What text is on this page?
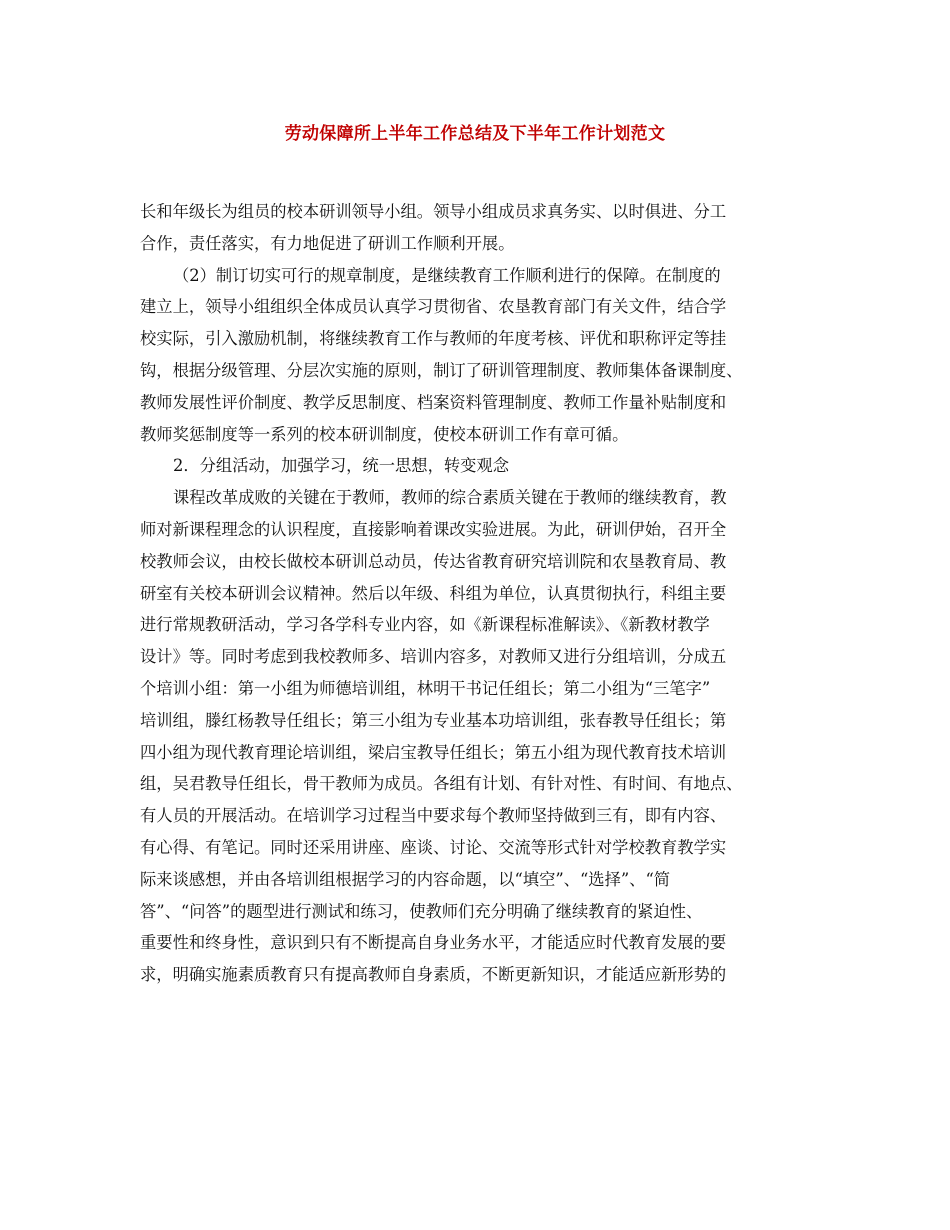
劳动保障所上半年工作总结及下半年工作计划范文
长和年级长为组员的校本研训领导小组。领导小组成员求真务实、以时俱进、分工
合作，责任落实，有力地促进了研训工作顺利开展。
（2）制订切实可行的规章制度，是继续教育工作顺利进行的保障。在制度的
建立上，领导小组组织全体成员认真学习贯彻省、农垦教育部门有关文件，结合学
校实际，引入激励机制，将继续教育工作与教师的年度考核、评优和职称评定等挂
钩，根据分级管理、分层次实施的原则，制订了研训管理制度、教师集体备课制度、
教师发展性评价制度、教学反思制度、档案资料管理制度、教师工作量补贴制度和
教师奖惩制度等一系列的校本研训制度，使校本研训工作有章可循。
2．分组活动，加强学习，统一思想，转变观念
课程改革成败的关键在于教师，教师的综合素质关键在于教师的继续教育，教
师对新课程理念的认识程度，直接影响着课改实验进展。为此，研训伊始，召开全
校教师会议，由校长做校本研训总动员，传达省教育研究培训院和农垦教育局、教
研室有关校本研训会议精神。然后以年级、科组为单位，认真贯彻执行，科组主要
进行常规教研活动，学习各学科专业内容，如《新课程标准解读》、《新教材教学
设计》等。同时考虑到我校教师多、培训内容多，对教师又进行分组培训，分成五
个培训小组：第一小组为师德培训组，林明干书记任组长；第二小组为“三笔字”
培训组，滕红杨教导任组长；第三小组为专业基本功培训组，张春教导任组长；第
四小组为现代教育理论培训组，梁启宝教导任组长；第五小组为现代教育技术培训
组，吴君教导任组长，骨干教师为成员。各组有计划、有针对性、有时间、有地点、
有人员的开展活动。在培训学习过程当中要求每个教师坚持做到三有，即有内容、
有心得、有笔记。同时还采用讲座、座谈、讨论、交流等形式针对学校教育教学实
际来谈感想，并由各培训组根据学习的内容命题，以“填空”、“选择”、“简
答”、“问答”的题型进行测试和练习，使教师们充分明确了继续教育的紧迫性、
重要性和终身性，意识到只有不断提高自身业务水平，才能适应时代教育发展的要
求，明确实施素质教育只有提高教师自身素质，不断更新知识，才能适应新形势的
